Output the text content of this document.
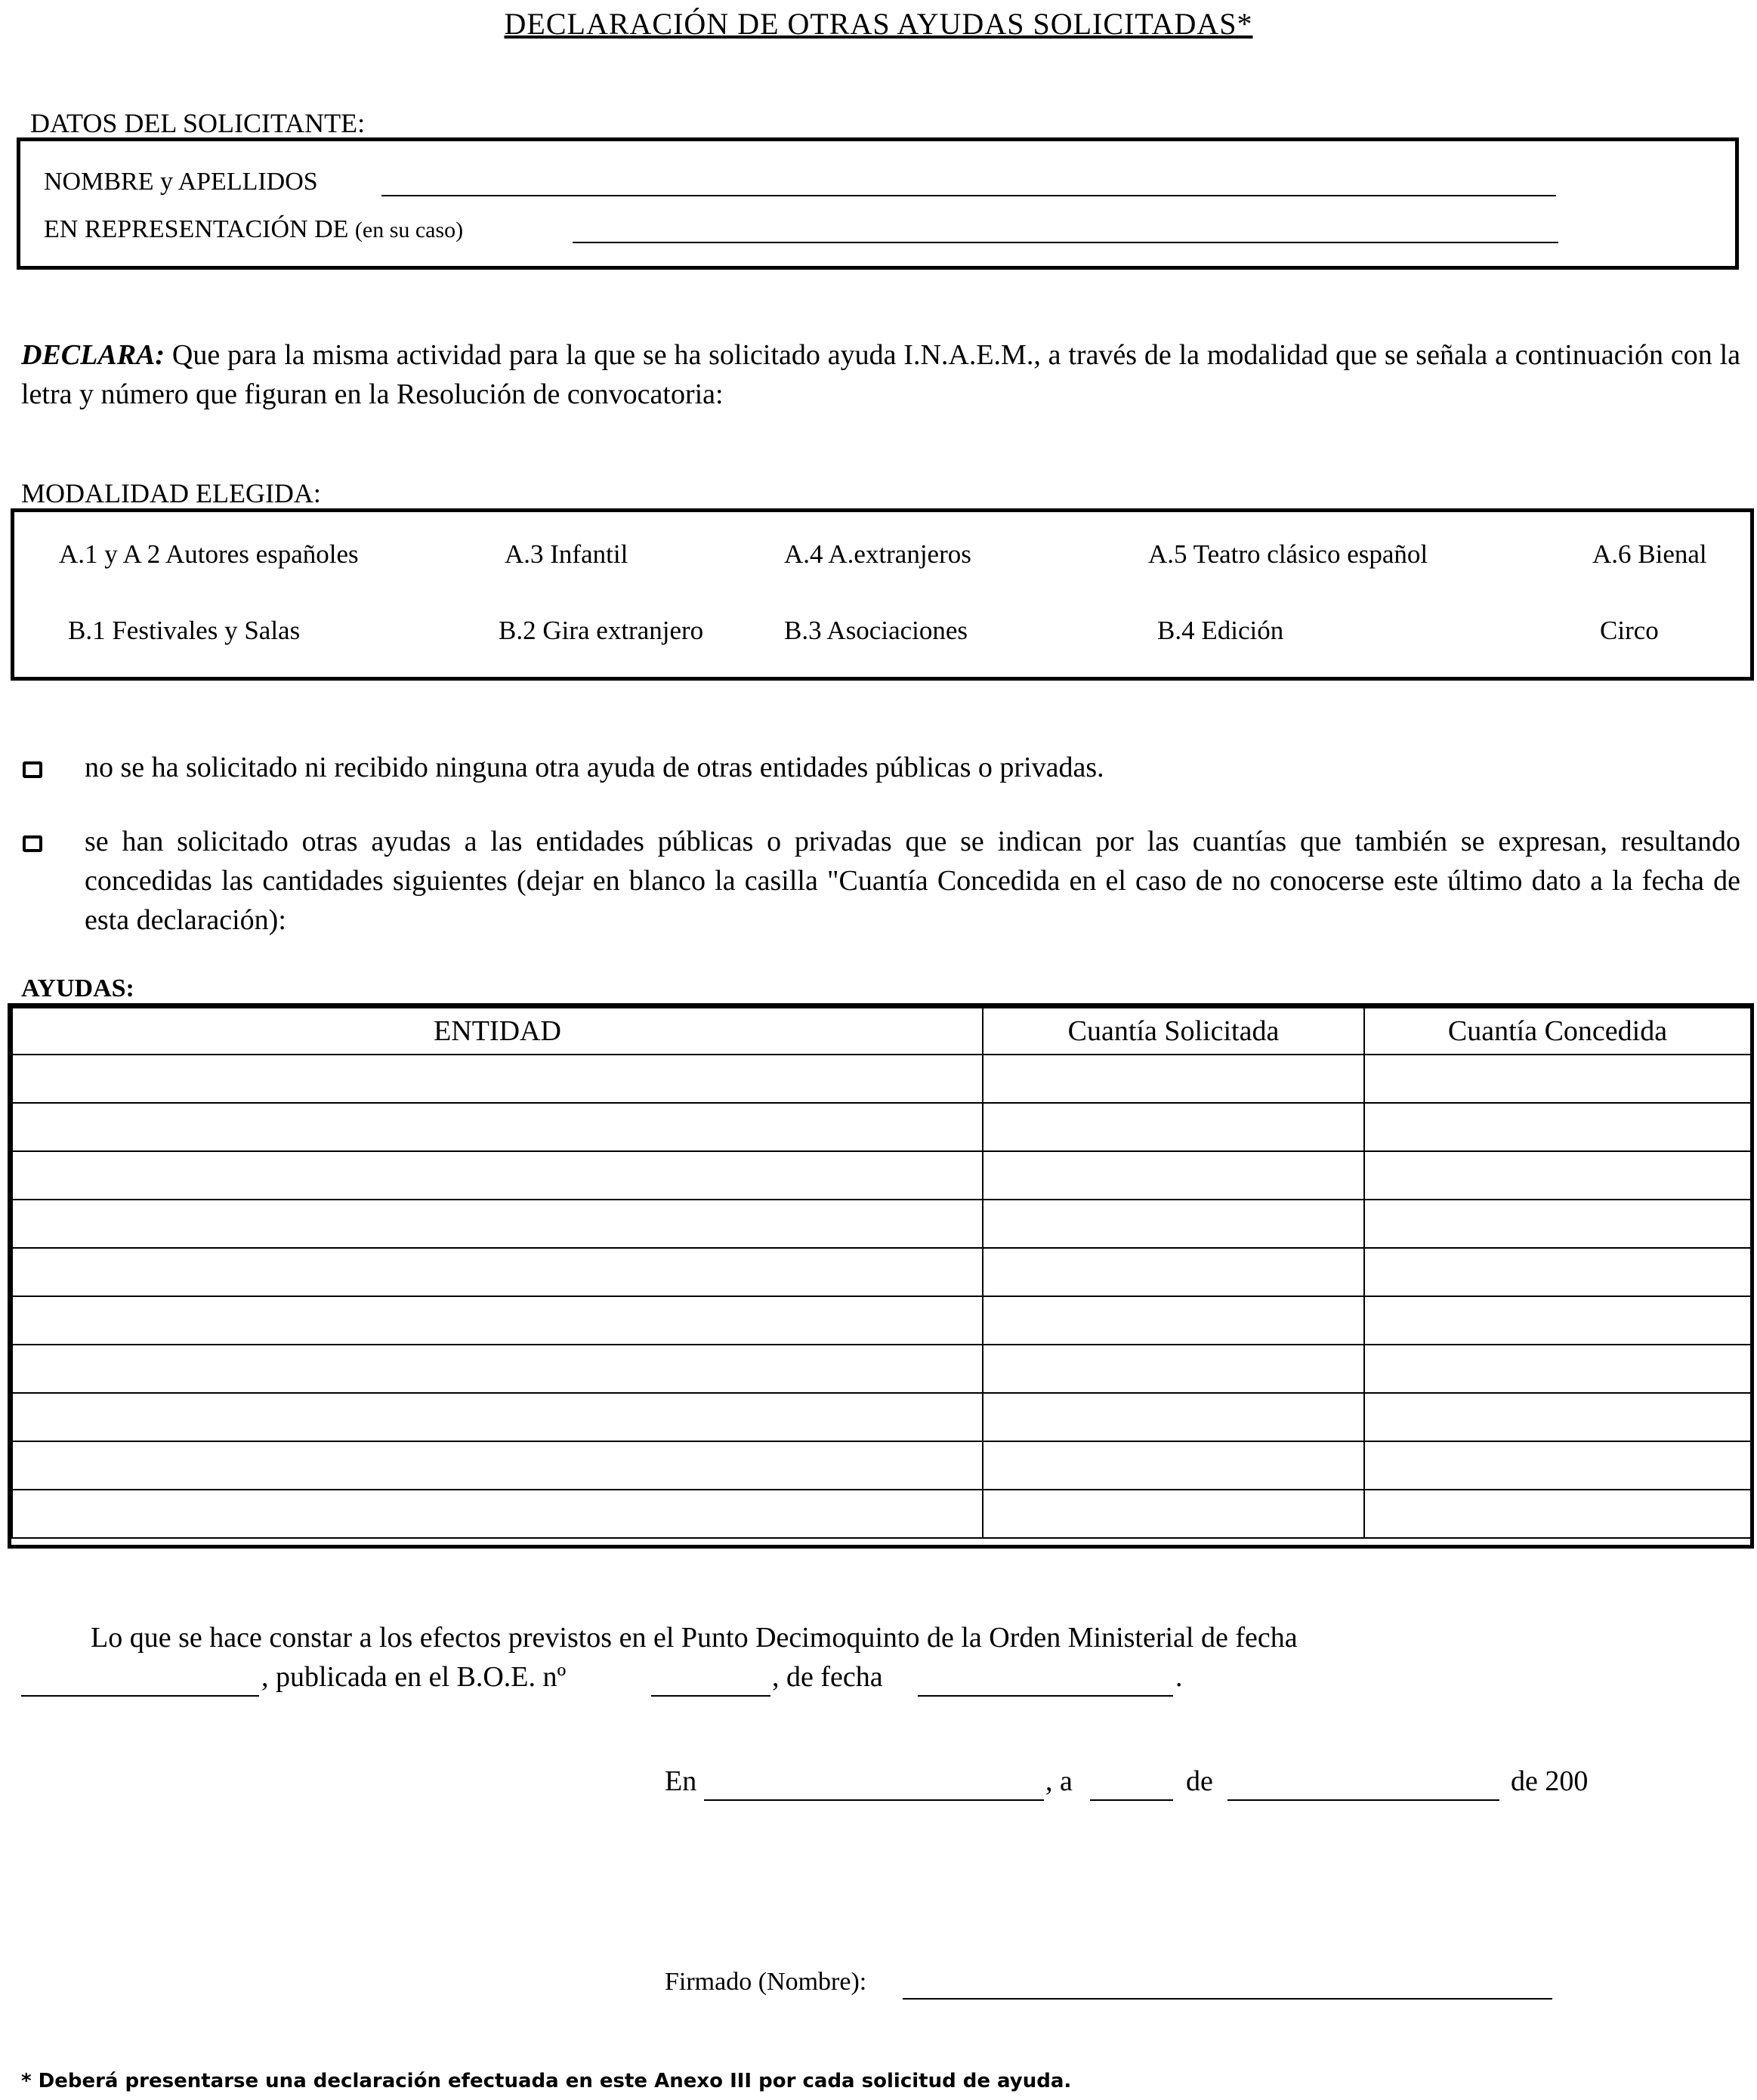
DECLARACIÓN DE OTRAS AYUDAS SOLICITADAS*
DATOS DEL SOLICITANTE:
NOMBRE y APELLIDOS
EN REPRESENTACIÓN DE (en su caso)
DECLARA: Que para la misma actividad para la que se ha solicitado ayuda I.N.A.E.M., a través de la modalidad que se señala a continuación con la letra y número que figuran en la Resolución de convocatoria:
MODALIDAD ELEGIDA:
A.1 y A 2 Autores españoles	A.3 Infantil	A.4 A.extranjeros	A.5 Teatro clásico español	A.6 Bienal
B.1 Festivales y Salas	B.2 Gira extranjero	B.3 Asociaciones	B.4 Edición	Circo
no se ha solicitado ni recibido ninguna otra ayuda de otras entidades públicas o privadas.
se han solicitado otras ayudas a las entidades públicas o privadas que se indican por las cuantías que también se expresan, resultando concedidas las cantidades siguientes (dejar en blanco la casilla "Cuantía Concedida en el caso de no conocerse este último dato a la fecha de esta declaración):
AYUDAS:
ENTIDAD	Cuantía Solicitada	Cuantía Concedida

Lo que se hace constar a los efectos previstos en el Punto Decimoquinto de la Orden Ministerial de fecha
, publicada en el B.O.E. nº	, de fecha	.
En	, a	de	de 200
Firmado (Nombre):
* Deberá presentarse una declaración efectuada en este Anexo III por cada solicitud de ayuda.
